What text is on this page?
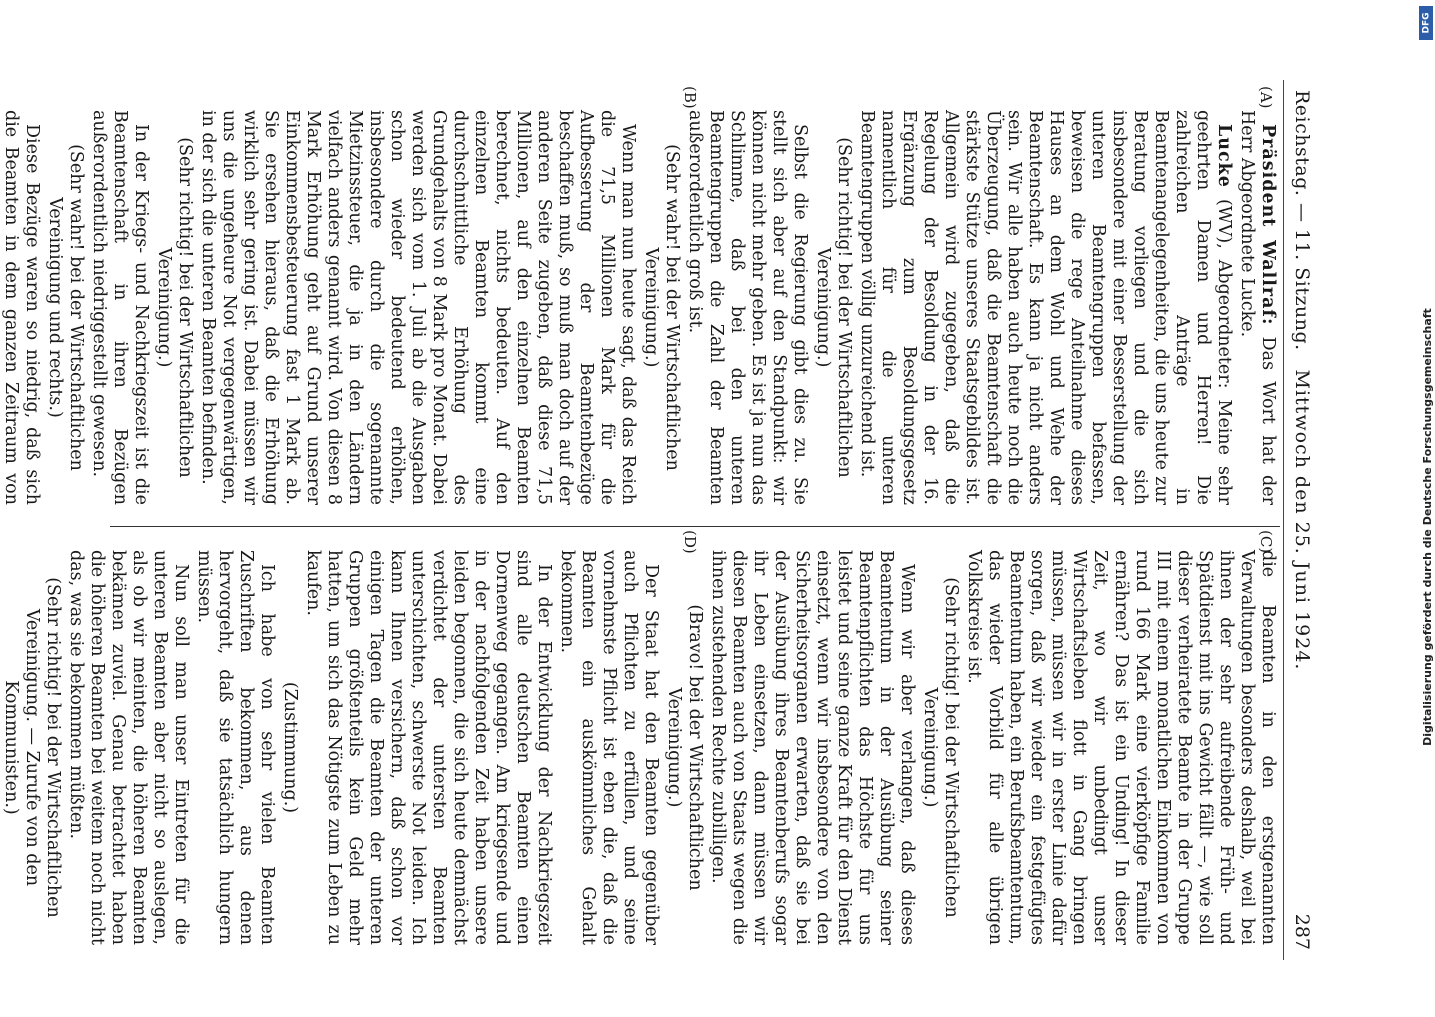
Reichstag. — 11. Sitzung.
Mittwoch den 25. Juni 1924.
287
(A)
(B)
(C)
(D)

Präsident Wallraf: Das Wort hat der Herr Abgeordnete Lucke.

Lucke (WV), Abgeordneter: Meine sehr geehrten Damen und Herren! Die zahlreichen Anträge in Beamtenangelegenheiten, die uns heute zur Beratung vorliegen und die sich insbesondere mit einer Besserstellung der unteren Beamtengruppen befassen, beweisen die rege Anteilnahme dieses Hauses an dem Wohl und Wehe der Beamtenschaft. Es kann ja nicht anders sein. Wir alle haben auch heute noch die Überzeugung, daß die Beamtenschaft die stärkste Stütze unseres Staatsgebildes ist. Allgemein wird zugegeben, daß die Regelung der Besoldung in der 16. Ergänzung zum Besoldungsgesetz namentlich für die unteren Beamtengruppen völlig unzureichend ist.

(Sehr richtig! bei der Wirtschaftlichen Vereinigung.)

Selbst die Regierung gibt dies zu. Sie stellt sich aber auf den Standpunkt: wir können nicht mehr geben. Es ist ja nun das Schlimme, daß bei den unteren Beamtengruppen die Zahl der Beamten außerordentlich groß ist.

(Sehr wahr! bei der Wirtschaftlichen Vereinigung.)

Wenn man nun heute sagt, daß das Reich die 71,5 Millionen Mark für die Aufbesserung der Beamtenbezüge beschaffen muß, so muß man doch auf der anderen Seite zugeben, daß diese 71,5 Millionen, auf den einzelnen Beamten berechnet, nichts bedeuten. Auf den einzelnen Beamten kommt eine durchschnittliche Erhöhung des Grundgehalts von 8 Mark pro Monat. Dabei werden sich vom 1. Juli ab die Ausgaben schon wieder bedeutend erhöhen, insbesondere durch die sogenannte Mietzinssteuer, die ja in den Ländern vielfach anders genannt wird. Von diesen 8 Mark Erhöhung geht auf Grund unserer Einkommensbesteuerung fast 1 Mark ab. Sie ersehen hieraus, daß die Erhöhung wirklich sehr gering ist. Dabei müssen wir uns die ungeheure Not vergegenwärtigen, in der sich die unteren Beamten befinden.

(Sehr richtig! bei der Wirtschaftlichen Vereinigung.)

In der Kriegs- und Nachkriegszeit ist die Beamtenschaft in ihren Bezügen außerordentlich niedriggestellt gewesen.

(Sehr wahr! bei der Wirtschaftlichen Vereinigung und rechts.)

Diese Bezüge waren so niedrig, daß sich die Beamten in dem ganzen Zeitraum von

die Beamten in den erstgenannten Verwaltungen besonders deshalb, weil bei ihnen der sehr aufreibende Früh- und Spätdienst mit ins Gewicht fällt —, wie soll dieser verheiratete Beamte in der Gruppe III mit einem monatlichen Einkommen von rund 166 Mark eine vierköpfige Familie ernähren? Das ist ein Unding! In dieser Zeit, wo wir unbedingt unser Wirtschaftsleben flott in Gang bringen müssen, müssen wir in erster Linie dafür sorgen, daß wir wieder ein festgefügtes Beamtentum haben, ein Berufsbeamtentum, das wieder Vorbild für alle übrigen Volkskreise ist.

(Sehr richtig! bei der Wirtschaftlichen Vereinigung.)

Wenn wir aber verlangen, daß dieses Beamtentum in der Ausübung seiner Beamtenpflichten das Höchste für uns leistet und seine ganze Kraft für den Dienst einsetzt, wenn wir insbesondere von den Sicherheitsorganen erwarten, daß sie bei der Ausübung ihres Beamtenberufs sogar ihr Leben einsetzen, dann müssen wir diesen Beamten auch von Staats wegen die ihnen zustehenden Rechte zubilligen.

(Bravo! bei der Wirtschaftlichen Vereinigung.)

Der Staat hat den Beamten gegenüber auch Pflichten zu erfüllen, und seine vornehmste Pflicht ist eben die, daß die Beamten ein auskömmliches Gehalt bekommen.

In der Entwicklung der Nachkriegszeit sind alle deutschen Beamten einen Dornenweg gegangen. Am kriegsende und in der nachfolgenden Zeit haben unsere leiden begonnen, die sich heute demnächst verdichtet der untersten Beamten unterschichten, schwerste Not leiden. Ich kann Ihnen versichern, daß schon vor einigen Tagen die Beamten der unteren Gruppen größtenteils kein Geld mehr hatten, um sich das Nötigste zum Leben zu kaufen.

(Zustimmung.)

Ich habe von sehr vielen Beamten Zuschriften bekommen, aus denen hervorgeht, daß sie tatsächlich hungern müssen.

Nun soll man unser Eintreten für die unteren Beamten aber nicht so auslegen, als ob wir meinten, die höheren Beamten bekämen zuviel. Genau betrachtet haben die höheren Beamten bei weitem noch nicht das, was sie bekommen müßten.

(Sehr richtig! bei der Wirtschaftlichen Vereinigung. — Zurufe von den Kommunisten.)

DFG
Digitalisierung gefördert durch die Deutsche Forschungsgemeinschaft
